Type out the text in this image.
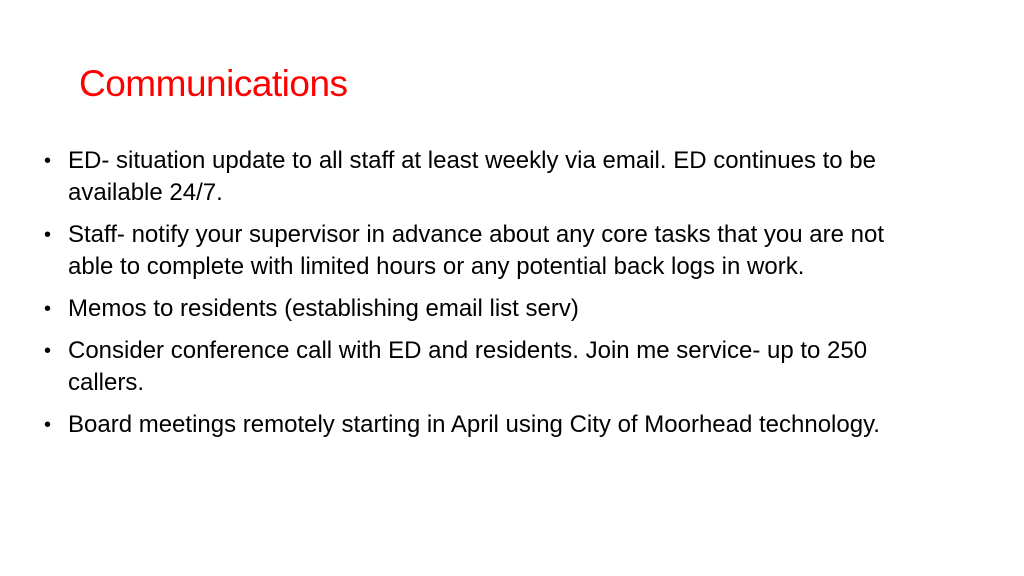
Communications
• ED- situation update to all staff at least weekly via email. ED continues to be available 24/7.
• Staff- notify your supervisor in advance about any core tasks that you are not able to complete with limited hours or any potential back logs in work.
• Memos to residents (establishing email list serv)
• Consider conference call with ED and residents. Join me service- up to 250 callers.
• Board meetings remotely starting in April using City of Moorhead technology.
